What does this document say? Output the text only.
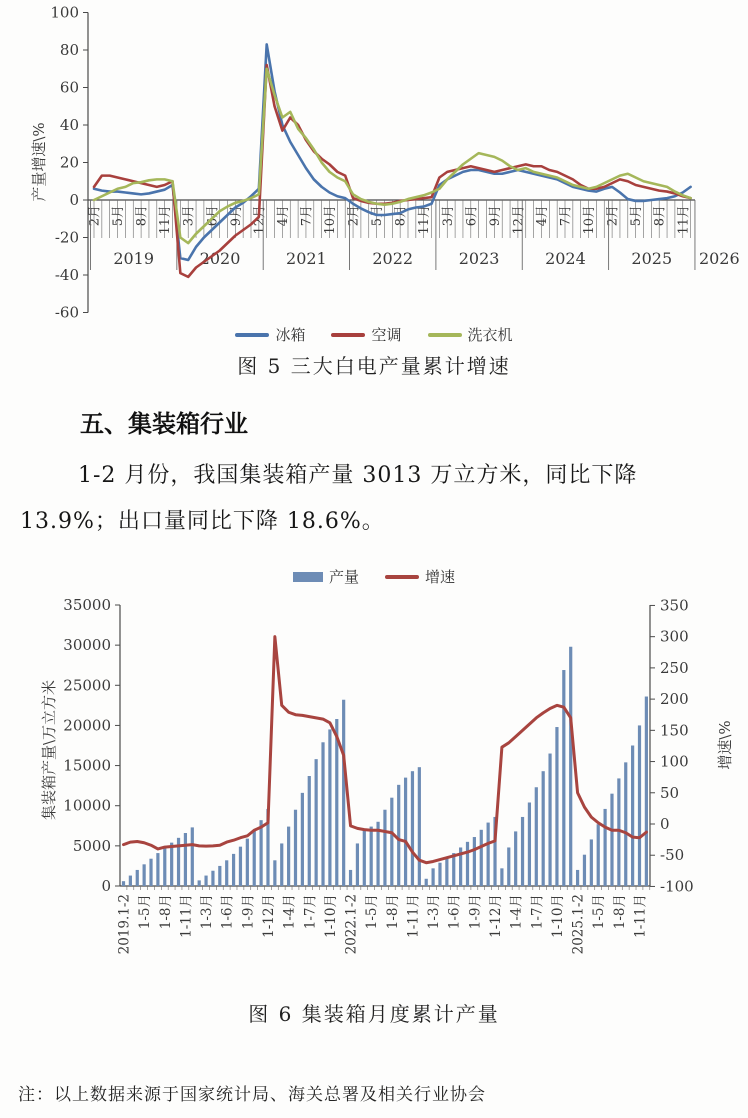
100
80
60
40
20
0
-20
-40
-60
产量增速\%
2月 5月 8月 11月 3月 6月 9月 12月 4月 7月 10月 2月 5月 8月 11月 3月 6月 9月 12月 4月 7月 10月 2月 5月 8月 11月
2019	2020	2021	2022	2023	2024	2025 2026
冰箱	空调	洗衣机
图 5 三大白电产量累计增速
五、集装箱行业
1-2 月份，我国集装箱产量 3013 万立方米，同比下降
13.9%；出口量同比下降 18.6%。
产量	增速
35000
30000
25000
20000
15000
10000
5000
0
350
300
250
200
150
100
50
0
-50
-100
集装箱产量\万立方米	增速\%
2019.1-2 1-5月 1-8月 1-11月 1-3月 1-6月 1-9月 1-12月 1-4月 1-7月 1-10月 2022.1-2 1-5月 1-8月 1-11月 1-3月 1-6月 1-9月 1-12月 1-4月 1-7月 1-10月 2025.1-2 1-5月 1-8月 1-11月
图 6 集装箱月度累计产量
注：以上数据来源于国家统计局、海关总署及相关行业协会
